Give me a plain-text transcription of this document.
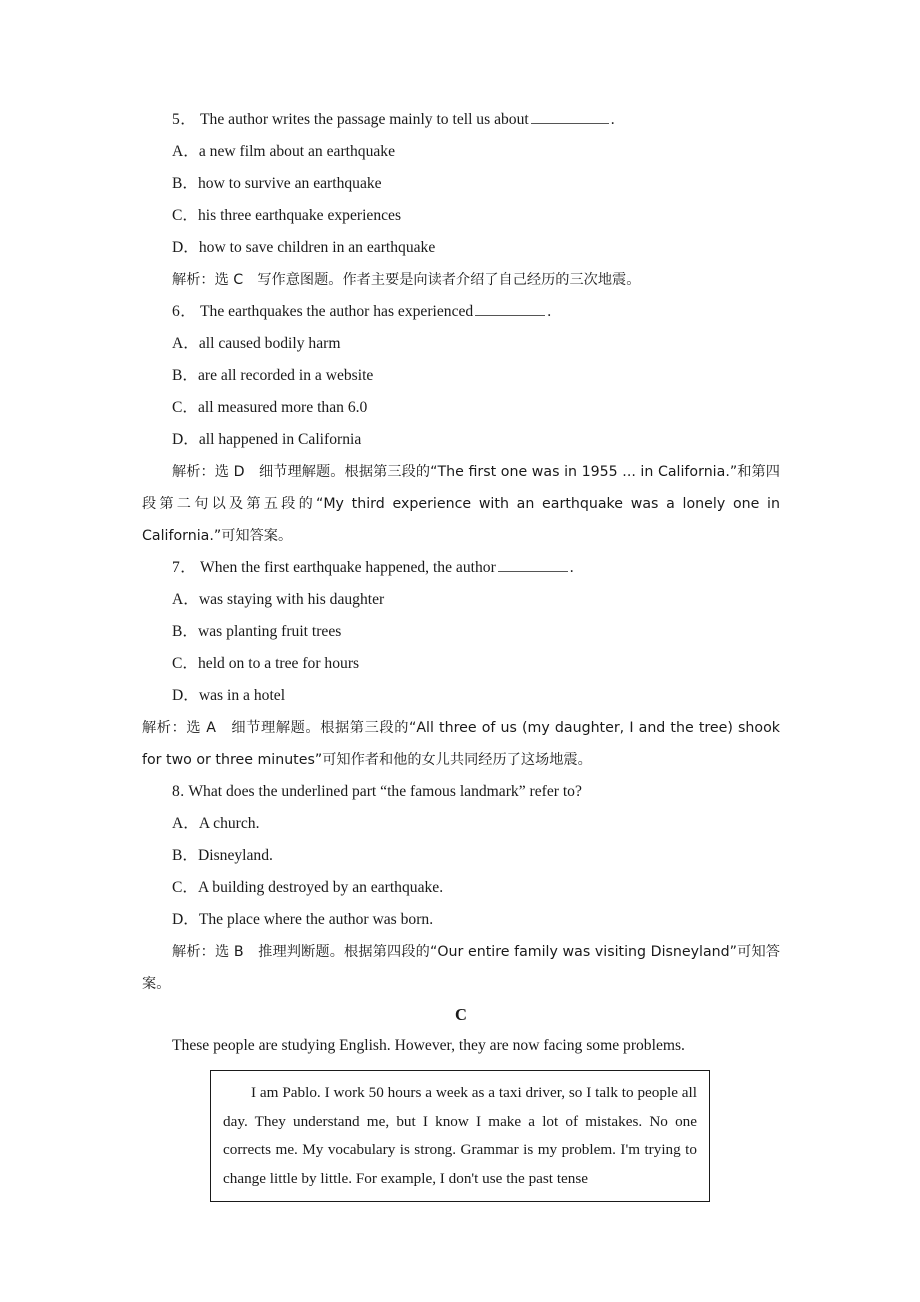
5． The author writes the passage mainly to tell us about	.
A．a new film about an earthquake
B．how to survive an earthquake
C．his three earthquake experiences
D．how to save children in an earthquake
解析：选 C　写作意图题。作者主要是向读者介绍了自己经历的三次地震。
6． The earthquakes the author has experienced	.
A．all caused bodily harm
B．are all recorded in a website
C．all measured more than 6.0
D．all happened in California
解析：选 D　细节理解题。根据第三段的“The first one was in 1955 ... in California.”和第四段第二句以及第五段的“My third experience with an earthquake was a lonely one in California.”可知答案。
7． When the first earthquake happened, the author	.
A．was staying with his daughter
B．was planting fruit trees
C．held on to a tree for hours
D．was in a hotel
解析：选 A　细节理解题。根据第三段的“All three of us (my daughter, I and the tree) shook for two or three minutes”可知作者和他的女儿共同经历了这场地震。
8. What does the underlined part “the famous landmark” refer to?
A．A church.
B．Disneyland.
C．A building destroyed by an earthquake.
D．The place where the author was born.
解析：选 B　推理判断题。根据第四段的“Our entire family was visiting Disneyland”可知答案。
C
These people are studying English. However, they are now facing some problems.

I am Pablo. I work 50 hours a week as a taxi driver, so I talk to people all day. They understand me, but I know I make a lot of mistakes. No one corrects me. My vocabulary is strong. Grammar is my problem. I'm trying to change little by little. For example, I don't use the past tense
